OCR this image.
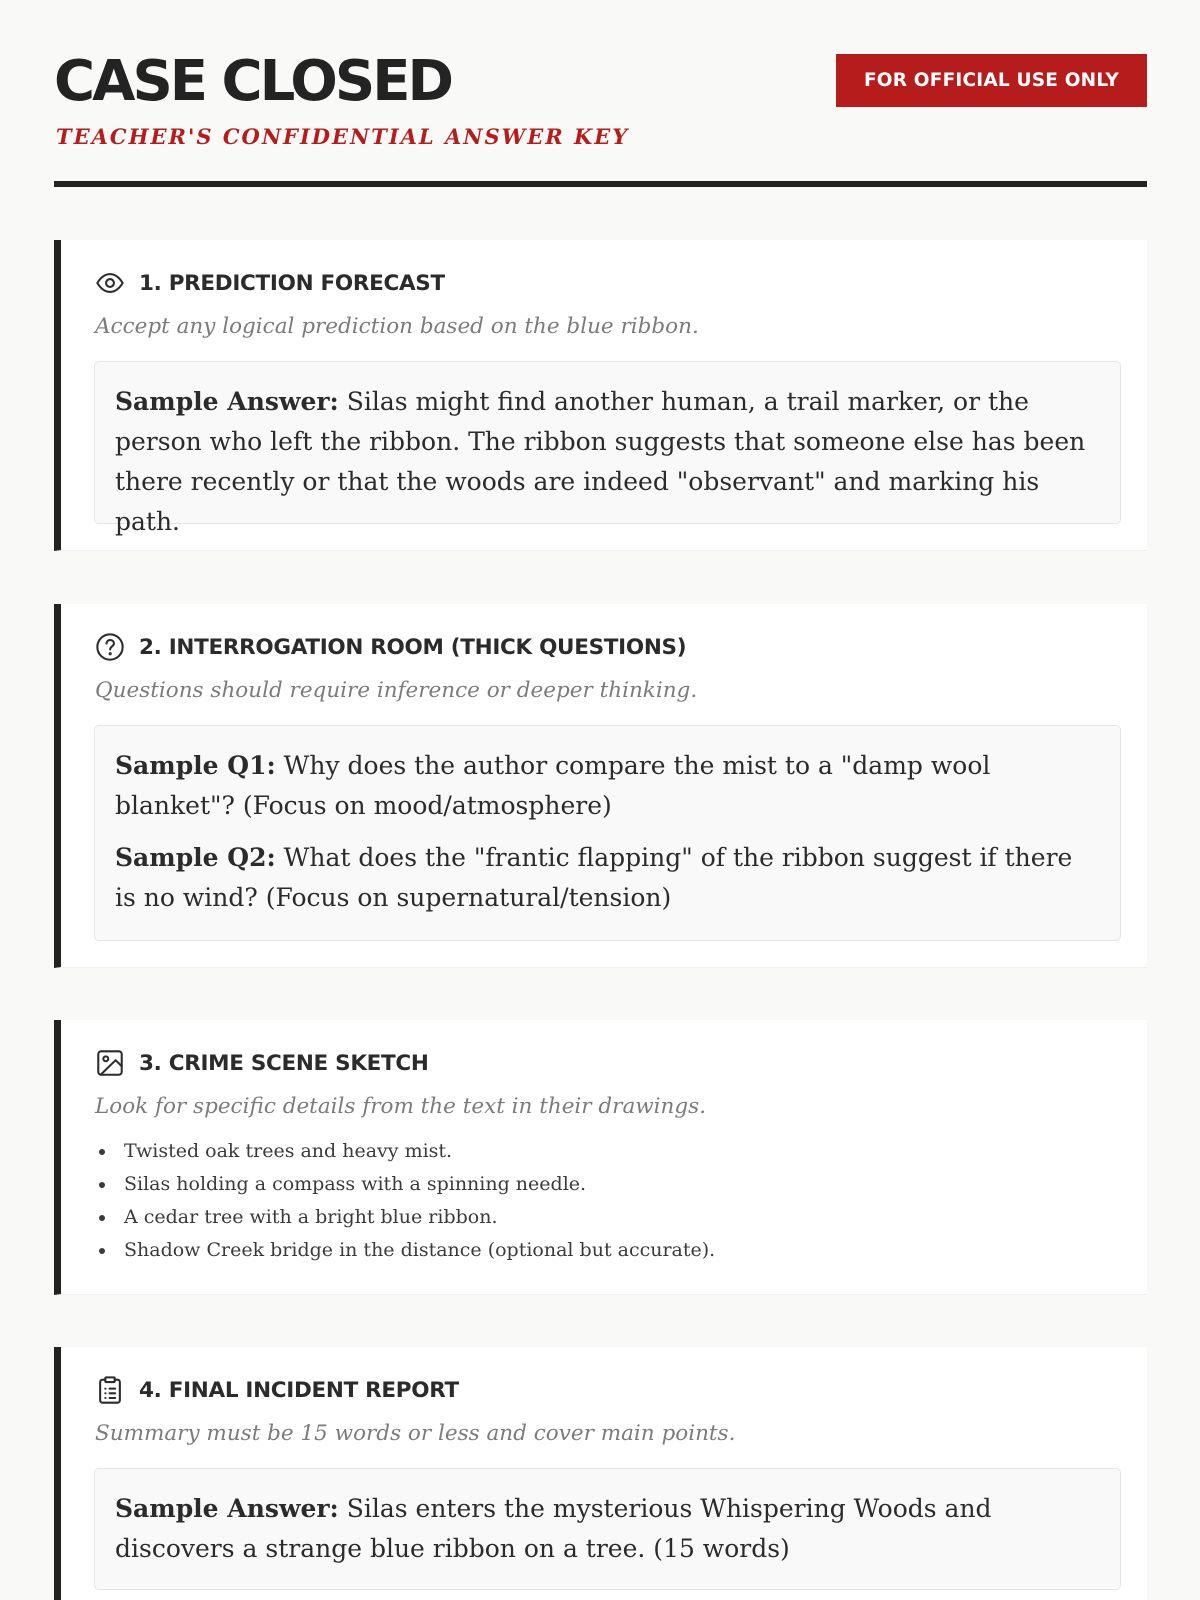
CASE CLOSED
TEACHER'S CONFIDENTIAL ANSWER KEY
FOR OFFICIAL USE ONLY
1. PREDICTION FORECAST
Accept any logical prediction based on the blue ribbon.

Sample Answer: Silas might find another human, a trail marker, or the person who left the ribbon. The ribbon suggests that someone else has been there recently or that the woods are indeed "observant" and marking his path.

2. INTERROGATION ROOM (THICK QUESTIONS)
Questions should require inference or deeper thinking.

Sample Q1: Why does the author compare the mist to a "damp wool blanket"? (Focus on mood/atmosphere)

Sample Q2: What does the "frantic flapping" of the ribbon suggest if there is no wind? (Focus on supernatural/tension)

3. CRIME SCENE SKETCH
Look for specific details from the text in their drawings.
Twisted oak trees and heavy mist.
Silas holding a compass with a spinning needle.
A cedar tree with a bright blue ribbon.
Shadow Creek bridge in the distance (optional but accurate).
4. FINAL INCIDENT REPORT
Summary must be 15 words or less and cover main points.

Sample Answer: Silas enters the mysterious Whispering Woods and discovers a strange blue ribbon on a tree. (15 words)
